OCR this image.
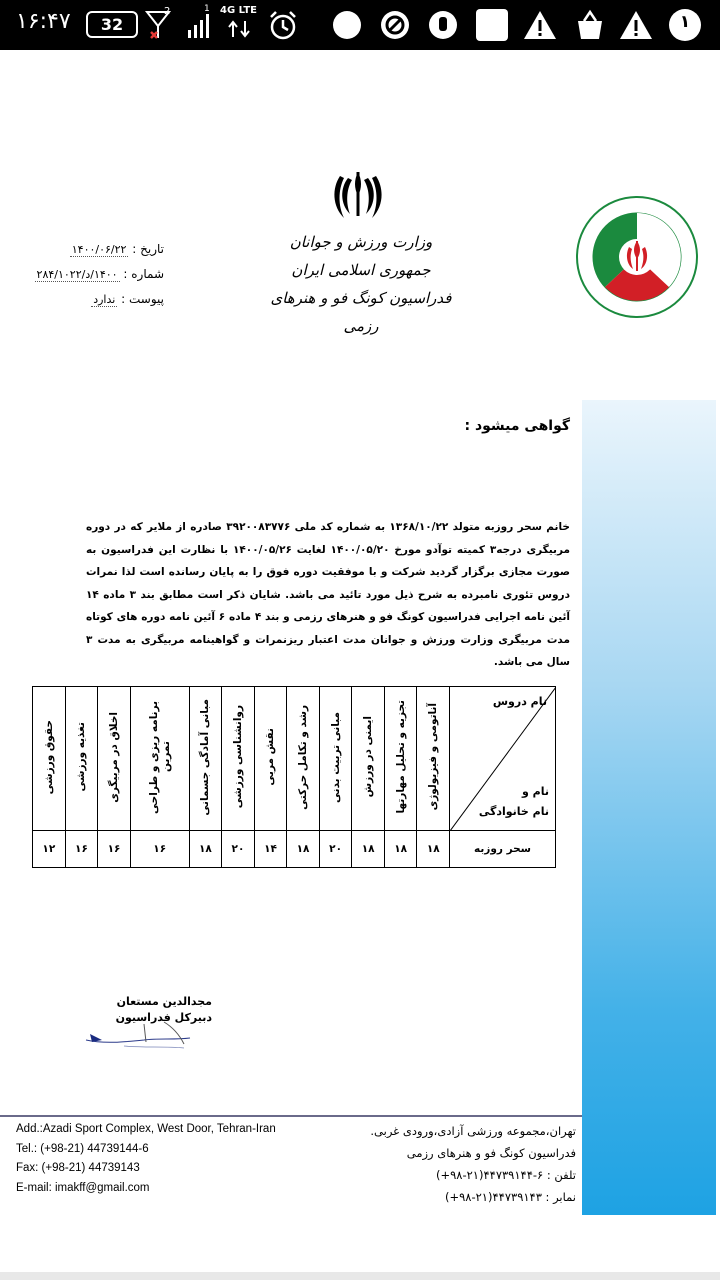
۱۶:۴۷	32
2	1 4G LTE
۱
وزارت ورزش و جوانان جمهوری اسلامی ایران
فدراسیون کونگ فو و هنرهای رزمی
تاریخ : ۱۴۰۰/۰۶/۲۲
شماره : ۱۴۰۰/د/۲۸۴/۱۰۲۲
پیوست : ندارد
گواهی میشود :
خانم سحر روزبه متولد ۱۳۶۸/۱۰/۲۲ به شماره کد ملی ۳۹۲۰۰۸۳۷۷۶ صادره از ملایر که در دوره مربیگری درجه۳ کمیته توآدو مورخ ۱۴۰۰/۰۵/۲۰ لغایت ۱۴۰۰/۰۵/۲۶ با نظارت این فدراسیون به صورت مجازی برگزار گردید شرکت و با موفقیت دوره فوق را به پایان رسانده است لذا نمرات دروس تئوری نامبرده به شرح ذیل مورد تائید می باشد. شایان ذکر است مطابق بند ۳ ماده ۱۴ آئین نامه اجرایی فدراسیون کونگ فو و هنرهای رزمی و بند ۴ ماده ۶ آئین نامه دوره های کوتاه مدت مربیگری وزارت ورزش و جوانان مدت اعتبار ریزنمرات و گواهینامه مربیگری به مدت ۳ سال می باشد.
نام دروس
نام و
نام خانوادگی	آناتومی و فیزیولوژی	تجزیه و تحلیل مهارتها	ایمنی در ورزش	مبانی تربیت بدنی	رشد و تکامل حرکتی	نقش مربی	روانشناسی ورزشی	مبانی آمادگی جسمانی	برنامه ریزی و طراحی تمرین	اخلاق در مربیگری	تغذیه ورزشی	حقوق ورزشی
سحر روزبه	۱۸	۱۸	۱۸	۲۰	۱۸	۱۴	۲۰	۱۸	۱۶	۱۶	۱۶	۱۲
مجدالدین مستعان
دبیرکل فدراسیون
Add.:Azadi Sport Complex, West Door, Tehran-Iran
Tel.: (+98-21) 44739144-6
Fax: (+98-21) 44739143
E-mail: imakff@gmail.com
تهران،مجموعه ورزشی آزادی،ورودی غربی.
فدراسیون کونگ فو و هنرهای رزمی
تلفن : ۶-۴۴۷۳۹۱۴۴(۲۱-۹۸+)
نمابر : ۴۴۷۳۹۱۴۳(۲۱-۹۸+)
